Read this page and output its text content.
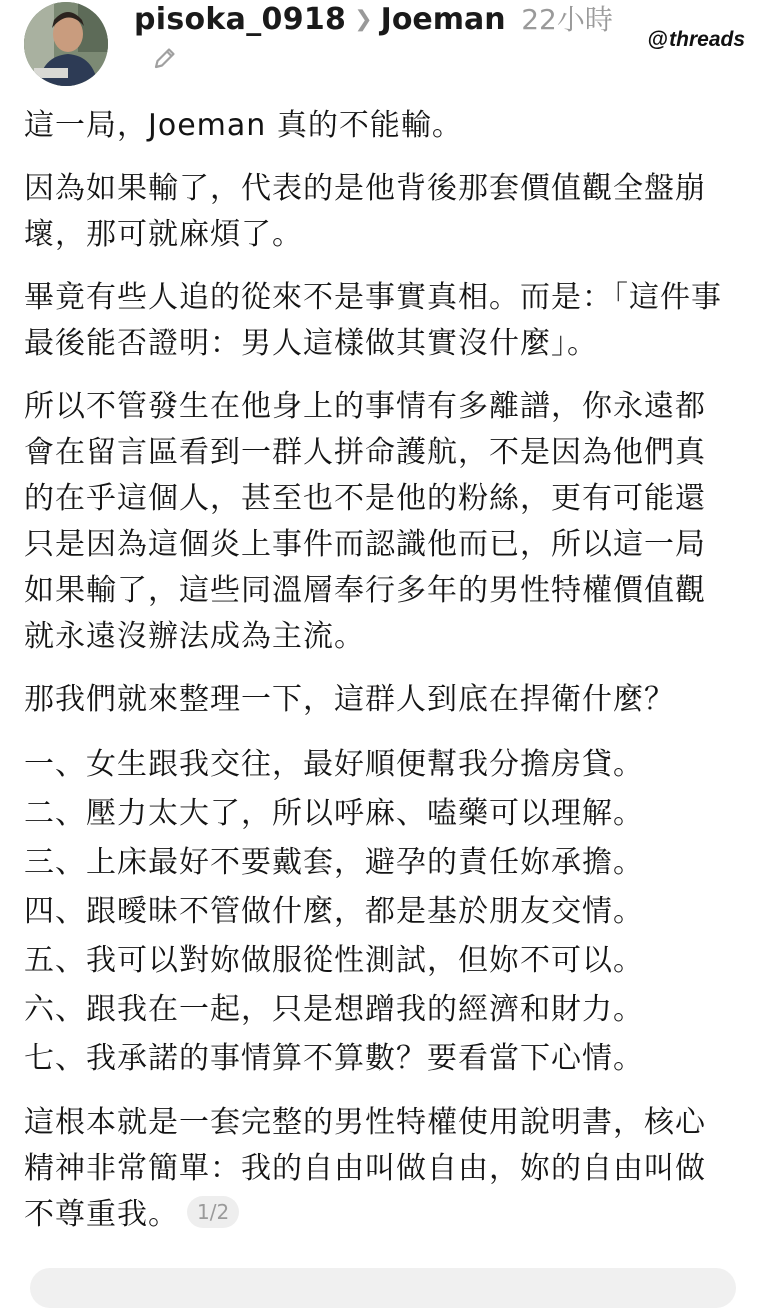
pisoka_0918 ❯ Joeman 22小時
@ threads

這一局，Joeman 真的不能輸。

因為如果輸了，代表的是他背後那套價值觀全盤崩壞，那可就麻煩了。

畢竟有些人追的從來不是事實真相。而是：「這件事最後能否證明：男人這樣做其實沒什麼」。

所以不管發生在他身上的事情有多離譜，你永遠都會在留言區看到一群人拼命護航，不是因為他們真的在乎這個人，甚至也不是他的粉絲，更有可能還只是因為這個炎上事件而認識他而已，所以這一局如果輸了，這些同溫層奉行多年的男性特權價值觀就永遠沒辦法成為主流。

那我們就來整理一下，這群人到底在捍衛什麼？

一、女生跟我交往，最好順便幫我分擔房貸。
二、壓力太大了，所以呼麻、嗑藥可以理解。
三、上床最好不要戴套，避孕的責任妳承擔。
四、跟曖昧不管做什麼，都是基於朋友交情。
五、我可以對妳做服從性測試，但妳不可以。
六、跟我在一起，只是想蹭我的經濟和財力。
七、我承諾的事情算不算數？要看當下心情。

這根本就是一套完整的男性特權使用說明書，核心精神非常簡單：我的自由叫做自由，妳的自由叫做不尊重我。 1/2
